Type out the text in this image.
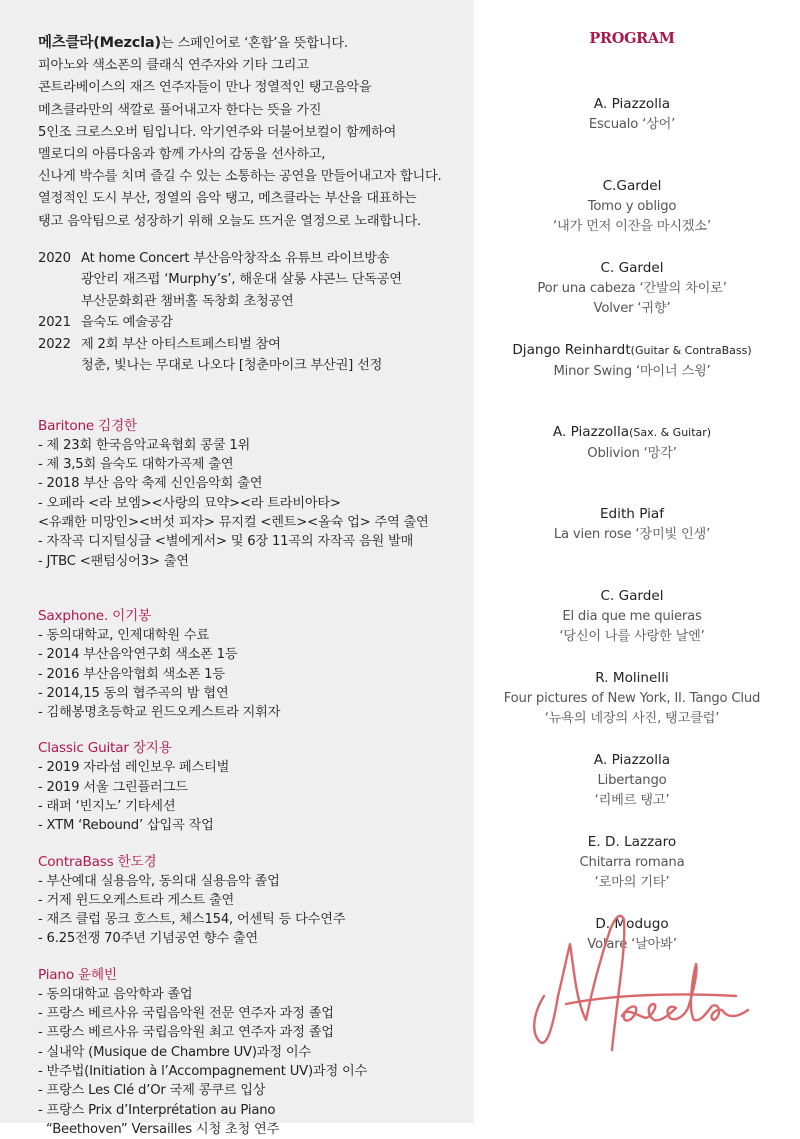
메츠클라(Mezcla)는 스페인어로 ‘혼합’을 뜻합니다.
피아노와 색소폰의 클래식 연주자와 기타 그리고
콘트라베이스의 재즈 연주자들이 만나 정열적인 탱고음악을
메츠클라만의 색깔로 풀어내고자 한다는 뜻을 가진
5인조 크로스오버 팀입니다. 악기연주와 더불어보컬이 함께하여
멜로디의 아름다움과 함께 가사의 감동을 선사하고,
신나게 박수를 치며 즐길 수 있는 소통하는 공연을 만들어내고자 합니다.
열정적인 도시 부산, 정열의 음악 탱고, 메츠클라는 부산을 대표하는
탱고 음악팀으로 성장하기 위해 오늘도 뜨거운 열정으로 노래합니다.
2020 At home Concert 부산음악창작소 유튜브 라이브방송
광안리 재즈펍 ‘Murphy’s’, 해운대 살롱 샤콘느 단독공연
부산문화회관 챔버홀 독창회 초청공연
2021 을숙도 예술공감
2022 제 2회 부산 아티스트페스티벌 참여
청춘, 빛나는 무대로 나오다 [청춘마이크 부산권] 선정
Baritone 김경한
- 제 23회 한국음악교육협회 콩쿨 1위
- 제 3,5회 을숙도 대학가곡제 출연
- 2018 부산 음악 축제 신인음악회 출연
- 오페라 <라 보엠><사랑의 묘약><라 트라비아타>
<유쾌한 미망인><버섯 피자> 뮤지컬 <렌트><올슉 업> 주역 출연
- 자작곡 디지털싱글 <별에게서> 및 6장 11곡의 자작곡 음원 발매
- JTBC <팬텀싱어3> 출연
Saxphone. 이기봉
- 동의대학교, 인제대학원 수료
- 2014 부산음악연구회 색소폰 1등
- 2016 부산음악협회 색소폰 1등
- 2014,15 동의 협주곡의 밤 협연
- 김해봉명초등학교 윈드오케스트라 지휘자
Classic Guitar 장지용
- 2019 자라섬 레인보우 페스티벌
- 2019 서울 그린플러그드
- 래퍼 ‘빈지노’ 기타세션
- XTM ‘Rebound’ 삽입곡 작업
ContraBass 한도경
- 부산예대 실용음악, 동의대 실용음악 졸업
- 거제 윈드오케스트라 게스트 출연
- 재즈 클럽 몽크 호스트, 체스154, 어센틱 등 다수연주
- 6.25전쟁 70주년 기념공연 향수 출연
Piano 윤혜빈
- 동의대학교 음악학과 졸업
- 프랑스 베르사유 국립음악원 전문 연주자 과정 졸업
- 프랑스 베르사유 국립음악원 최고 연주자 과정 졸업
- 실내악 (Musique de Chambre UV)과정 이수
- 반주법(Initiation à l’Accompagnement UV)과정 이수
- 프랑스 Les Clé d’Or 국제 콩쿠르 입상
- 프랑스 Prix d’Interprétation au Piano
“Beethoven” Versailles 시청 초청 연주
PROGRAM
A. Piazzolla
Escualo ‘상어’
C.Gardel
Tomo y obligo
‘내가 먼저 이잔을 마시겠소’
C. Gardel
Por una cabeza ‘간발의 차이로’
Volver ‘귀향’
Django Reinhardt(Guitar & ContraBass)
Minor Swing ‘마이너 스윙’
A. Piazzolla(Sax. & Guitar)
Oblivion ‘망각’
Edith Piaf
La vien rose ‘장미빛 인생’
C. Gardel
El dia que me quieras
‘당신이 나를 사랑한 날엔’
R. Molinelli
Four pictures of New York, II. Tango Clud
‘뉴욕의 네장의 사진, 탱고클럽’
A. Piazzolla
Libertango
‘리베르 탱고’
E. D. Lazzaro
Chitarra romana
‘로마의 기타’
D. Modugo
Volare ‘날아봐’
